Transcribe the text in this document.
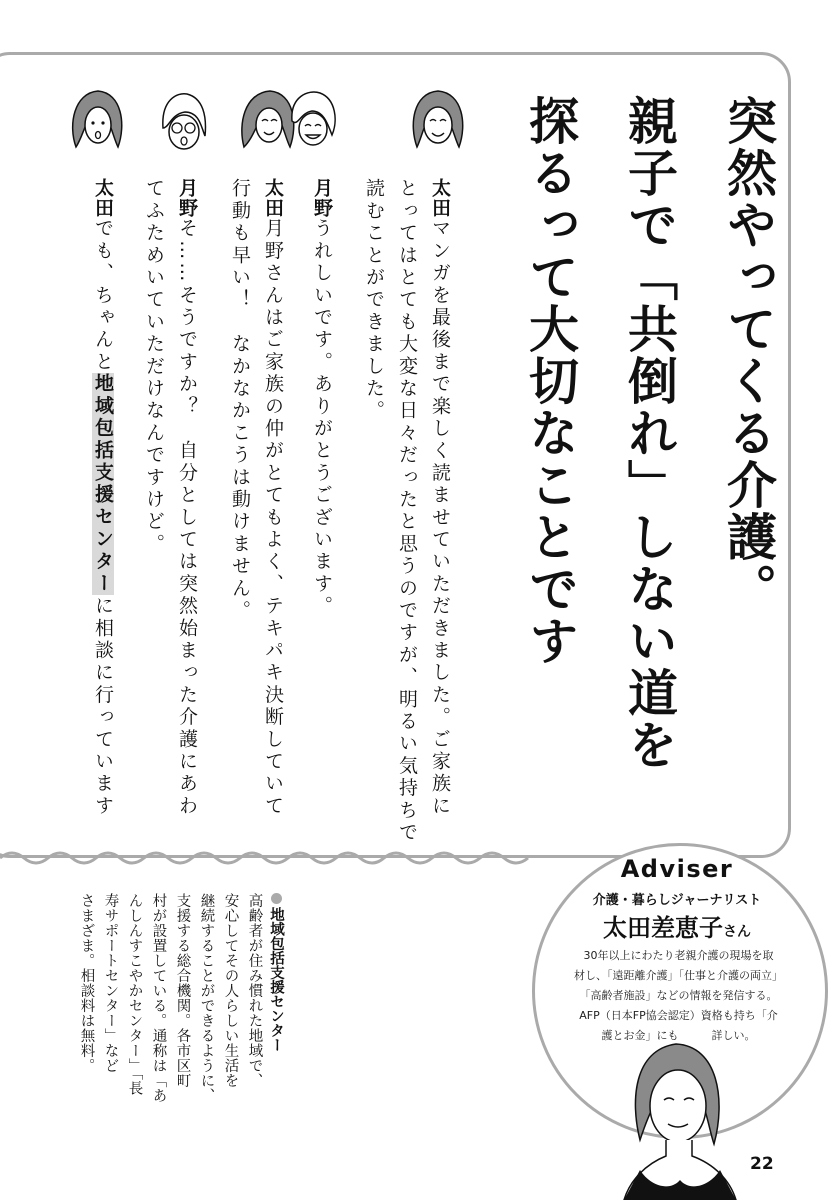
突然やってくる介護。
親子で「共倒れ」しない道を
探るって大切なことです
太田マンガを最後まで楽しく読ませていただきました。ご家族に
とってはとても大変な日々だったと思うのですが、明るい気持ちで
読むことができました。
月野うれしいです。ありがとうございます。
太田月野さんはご家族の仲がとてもよく、テキパキ決断していて
行動も早い！　なかなかこうは動けません。
月野そ……そうですか？　自分としては突然始まった介護にあわ
てふためいていただけなんですけど。
太田でも、ちゃんと地域包括支援センターに相談に行っています
地域包括支援センター
高齢者が住み慣れた地域で、
安心してその人らしい生活を
継続することができるように、
支援する総合機関。各市区町
村が設置している。通称は「あ
んしんすこやかセンター」「長
寿サポートセンター」など
さまざま。相談料は無料。
Adviser
介護・暮らしジャーナリスト
太田差恵子さん
30年以上にわたり老親介護の現場を取
材し、「遠距離介護」「仕事と介護の両立」
「高齢者施設」などの情報を発信する。
AFP（日本FP協会認定）資格も持ち「介
護とお金」にも　　　詳しい。
22
